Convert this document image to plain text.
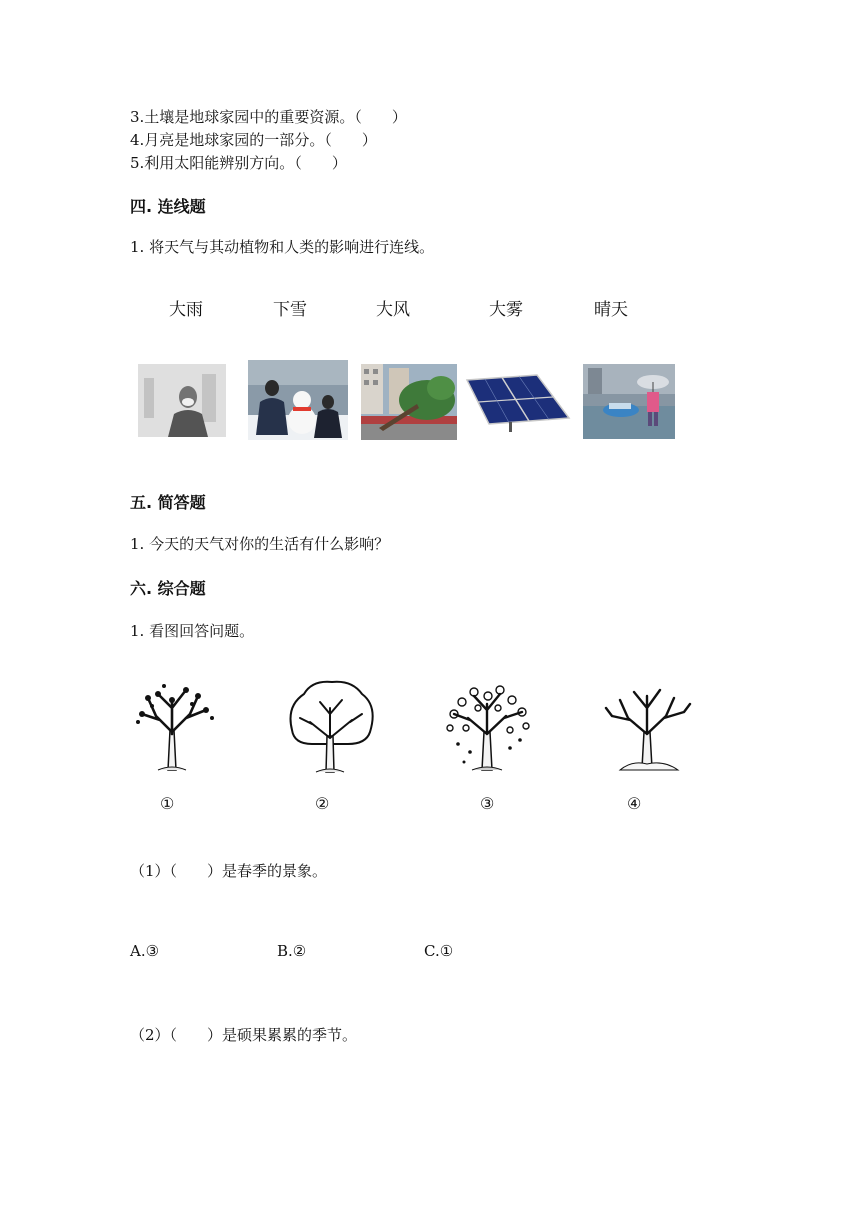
3.土壤是地球家园中的重要资源。（　　）
4.月亮是地球家园的一部分。（　　）
5.利用太阳能辨别方向。（　　）
四. 连线题
1. 将天气与其动植物和人类的影响进行连线。
大雨	下雪	大风	大雾	晴天
五. 简答题
1. 今天的天气对你的生活有什么影响？
六. 综合题
1. 看图回答问题。
①	②	③	④
（1）（　　）是春季的景象。
A.③	B.②	C.①
（2）（　　）是硕果累累的季节。
